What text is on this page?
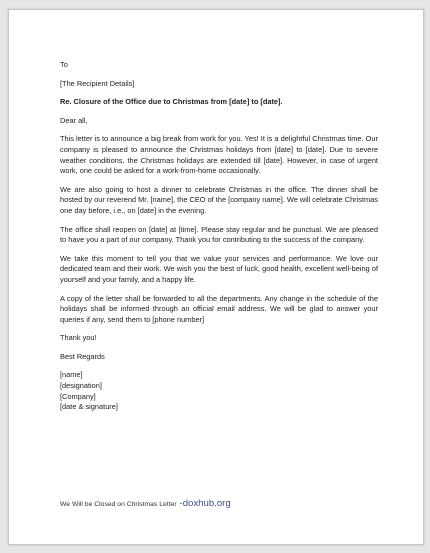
To
[The Recipient Details]
Re. Closure of the Office due to Christmas from [date] to [date].
Dear all,

This letter is to announce a big break from work for you. Yes! It is a delightful Christmas time. Our company is pleased to announce the Christmas holidays from [date] to [date]. Due to severe weather conditions, the Christmas holidays are extended till [date]. However, in case of urgent work, one could be asked for a work-from-home occasionally.

We are also going to host a dinner to celebrate Christmas in the office. The dinner shall be hosted by our reverend Mr. [name], the CEO of the [company name]. We will celebrate Christmas one day before, i.e., on [date] in the evening.

The office shall reopen on [date] at [time]. Please stay regular and be punctual. We are pleased to have you a part of our company. Thank you for contributing to the success of the company.

We take this moment to tell you that we value your services and performance. We love our dedicated team and their work. We wish you the best of luck, good health, excellent well-being of yourself and your family, and a happy life.

A copy of the letter shall be forwarded to all the departments. Any change in the schedule of the holidays shall be informed through an official email address. We will be glad to answer your queries if any, send them to [phone number]

Thank you!
Best Regards
[name]
[designation]
[Company]
[date & signature]
We Will be Closed on Christmas Letter -doxhub.org
